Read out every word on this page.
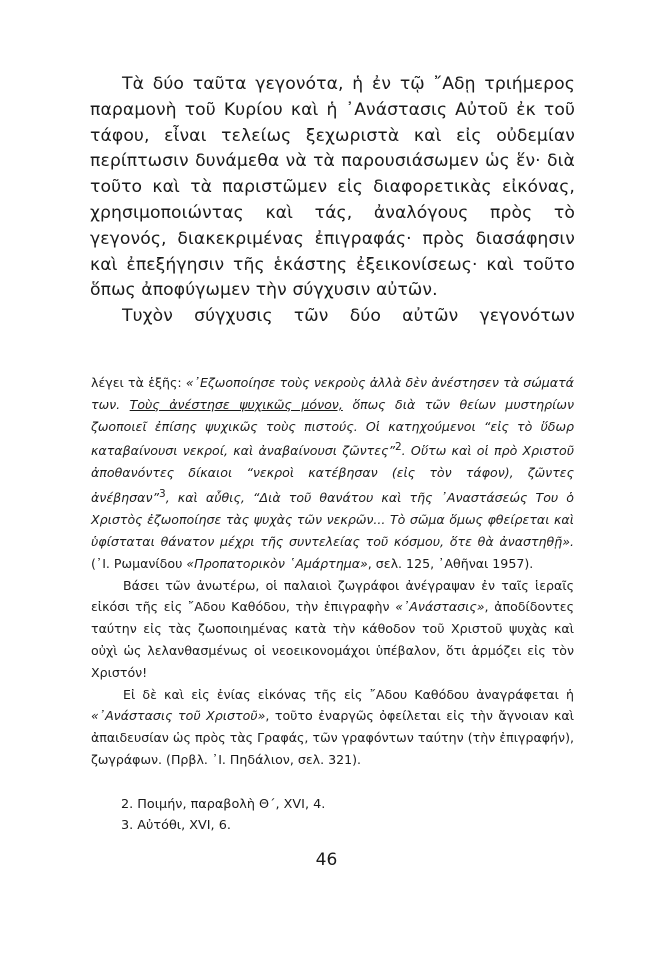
Τὰ δύο ταῦτα γεγονότα, ἡ ἐν τῷ ῎Αδῃ τριήμερος παραμονὴ τοῦ Κυρίου καὶ ἡ ᾿Ανάστασις Αὐτοῦ ἐκ τοῦ τάφου, εἶναι τελείως ξεχωριστὰ καὶ εἰς οὐδεμίαν περίπτωσιν δυνάμεθα νὰ τὰ παρουσιάσωμεν ὡς ἕν· διὰ τοῦτο καὶ τὰ παριστῶμεν εἰς διαφορετικὰς εἰκόνας, χρησιμοποιώντας καὶ τάς, ἀναλόγους πρὸς τὸ γεγονός, διακεκριμένας ἐπιγραφάς· πρὸς διασάφησιν καὶ ἐπεξήγησιν τῆς ἑκάστης ἐξεικονίσεως· καὶ τοῦτο ὅπως ἀποφύγωμεν τὴν σύγχυσιν αὐτῶν.

Τυχὸν σύγχυσις τῶν δύο αὐτῶν γεγονότων

λέγει τὰ ἑξῆς: «᾿Εζωοποίησε τοὺς νεκροὺς ἀλλὰ δὲν ἀνέστησεν τὰ σώματά των. Τοὺς ἀνέστησε ψυχικῶς μόνον, ὅπως διὰ τῶν θείων μυστηρίων ζωοποιεῖ ἐπίσης ψυχικῶς τοὺς πιστούς. Οἱ κατηχούμενοι “εἰς τὸ ὕδωρ καταβαίνουσι νεκροί, καὶ ἀναβαίνουσι ζῶντες”$^2$. Οὕτω καὶ οἱ πρὸ Χριστοῦ ἀποθανόντες δίκαιοι “νεκροὶ κατέβησαν (εἰς τὸν τάφον), ζῶντες ἀνέβησαν”$^3$, καὶ αὖθις, “Διὰ τοῦ θανάτου καὶ τῆς ᾿Αναστάσεώς Του ὁ Χριστὸς ἐζωοποίησε τὰς ψυχὰς τῶν νεκρῶν... Τὸ σῶμα ὅμως φθείρεται καὶ ὑφίσταται θάνατον μέχρι τῆς συντελείας τοῦ κόσμου, ὅτε θὰ ἀναστηθῇ». (᾿Ι. Ρωμανίδου «Προπατορικὸν ῾Αμάρτημα», σελ. 125, ᾿Αθῆναι 1957).

Βάσει τῶν ἀνωτέρω, οἱ παλαιοὶ ζωγράφοι ἀνέγραψαν ἐν ταῖς ἱεραῖς εἰκόσι τῆς εἰς ῎Αδου Καθόδου, τὴν ἐπιγραφὴν «᾿Ανάστασις», ἀποδίδοντες ταύτην εἰς τὰς ζωοποιημένας κατὰ τὴν κάθοδον τοῦ Χριστοῦ ψυχὰς καὶ οὐχὶ ὡς λελανθασμένως οἱ νεοεικονομάχοι ὑπέβαλον, ὅτι ἁρμόζει εἰς τὸν Χριστόν!

Εἰ δὲ καὶ εἰς ἐνίας εἰκόνας τῆς εἰς ῎Αδου Καθόδου ἀναγράφεται ἡ «᾿Ανάστασις τοῦ Χριστοῦ», τοῦτο ἐναργῶς ὀφείλεται εἰς τὴν ἄγνοιαν καὶ ἀπαιδευσίαν ὡς πρὸς τὰς Γραφάς, τῶν γραφόντων ταύτην (τὴν ἐπιγραφήν), ζωγράφων. (Πρβλ. ᾿Ι. Πηδάλιον, σελ. 321).

2. Ποιμήν, παραβολὴ Θ΄, XVI, 4.

3. Αὐτόθι, XVI, 6.

46
